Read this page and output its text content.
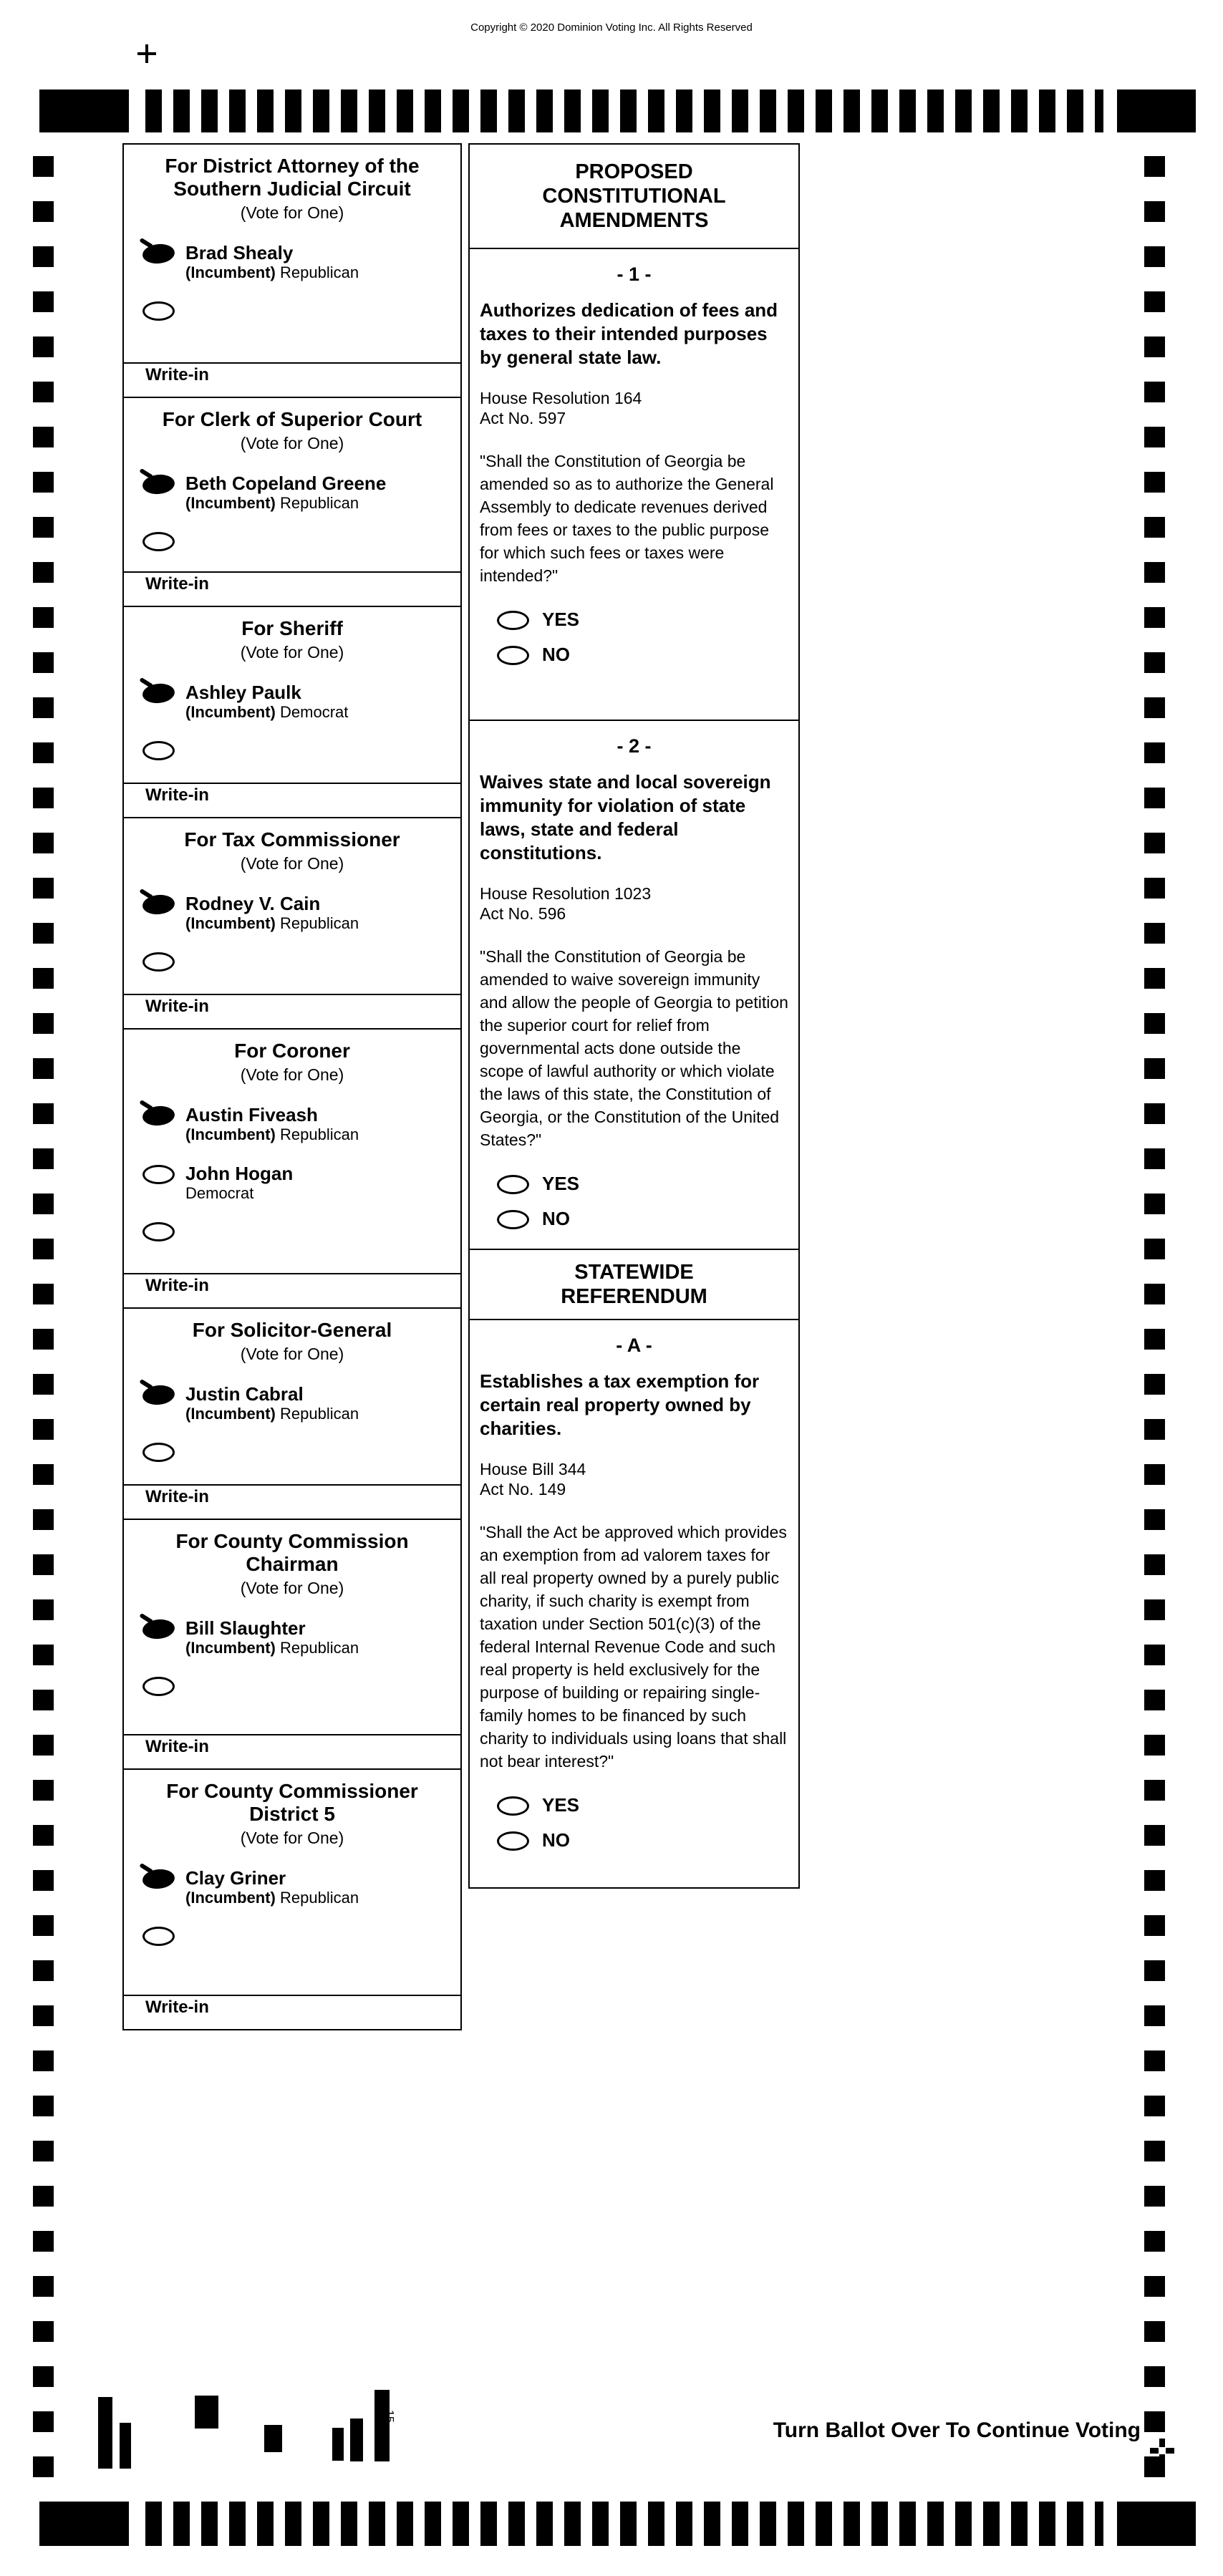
Copyright © 2020 Dominion Voting Inc. All Rights Reserved
For District Attorney of the Southern Judicial Circuit
(Vote for One)
Brad Shealy
(Incumbent) Republican
Write-in
For Clerk of Superior Court
(Vote for One)
Beth Copeland Greene
(Incumbent) Republican
Write-in
For Sheriff
(Vote for One)
Ashley Paulk
(Incumbent) Democrat
Write-in
For Tax Commissioner
(Vote for One)
Rodney V. Cain
(Incumbent) Republican
Write-in
For Coroner
(Vote for One)
Austin Fiveash
(Incumbent) Republican
John Hogan
Democrat
Write-in
For Solicitor-General
(Vote for One)
Justin Cabral
(Incumbent) Republican
Write-in
For County Commission Chairman
(Vote for One)
Bill Slaughter
(Incumbent) Republican
Write-in
For County Commissioner District 5
(Vote for One)
Clay Griner
(Incumbent) Republican
Write-in
PROPOSED CONSTITUTIONAL AMENDMENTS
- 1 -
Authorizes dedication of fees and taxes to their intended purposes by general state law.
House Resolution 164
Act No. 597
"Shall the Constitution of Georgia be amended so as to authorize the General Assembly to dedicate revenues derived from fees or taxes to the public purpose for which such fees or taxes were intended?"
YES
NO
- 2 -
Waives state and local sovereign immunity for violation of state laws, state and federal constitutions.
House Resolution 1023
Act No. 596
"Shall the Constitution of Georgia be amended to waive sovereign immunity and allow the people of Georgia to petition the superior court for relief from governmental acts done outside the scope of lawful authority or which violate the laws of this state, the Constitution of Georgia, or the Constitution of the United States?"
YES
NO
STATEWIDE REFERENDUM
- A -
Establishes a tax exemption for certain real property owned by charities.
House Bill 344
Act No. 149
"Shall the Act be approved which provides an exemption from ad valorem taxes for all real property owned by a purely public charity, if such charity is exempt from taxation under Section 501(c)(3) of the federal Internal Revenue Code and such real property is held exclusively for the purpose of building or repairing single-family homes to be financed by such charity to individuals using loans that shall not bear interest?"
YES
NO
15
Turn Ballot Over To Continue Voting
